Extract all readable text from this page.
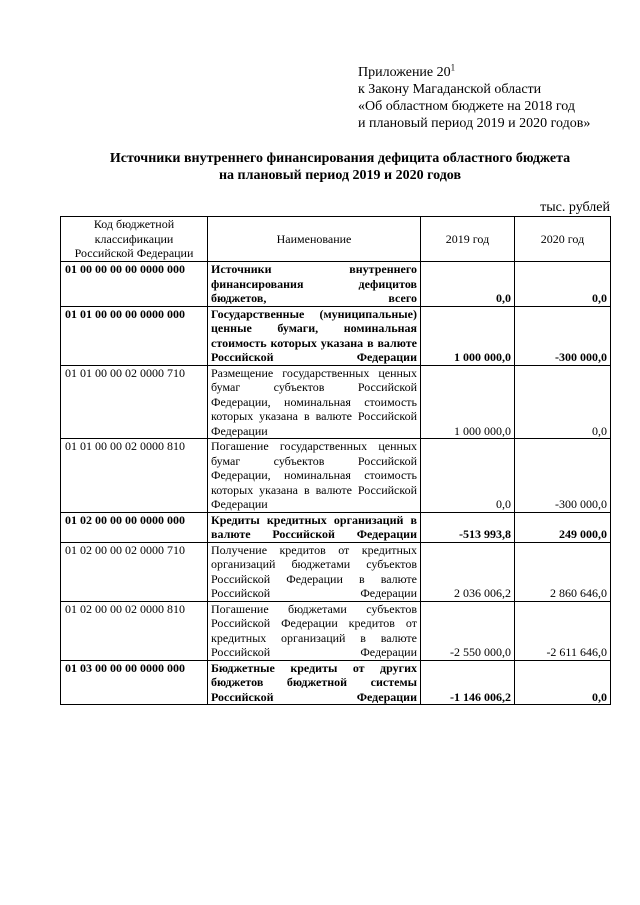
Приложение $20^1$
к Закону Магаданской области
«Об областном бюджете на 2018 год
и плановый период 2019 и 2020 годов»
Источники внутреннего финансирования дефицита областного бюджета
на плановый период 2019 и 2020 годов
тыс. рублей
Код бюджетной классификации Российской Федерации	Наименование	2019 год	2020 год
01 00 00 00 00 0000 000	Источники внутреннего финансирования дефицитов бюджетов, всего	0,0	0,0
01 01 00 00 00 0000 000	Государственные (муниципальные) ценные бумаги, номинальная стоимость которых указана в валюте Российской Федерации	1 000 000,0	-300 000,0
01 01 00 00 02 0000 710	Размещение государственных ценных бумаг субъектов Российской Федерации, номинальная стоимость которых указана в валюте Российской Федерации	1 000 000,0	0,0
01 01 00 00 02 0000 810	Погашение государственных ценных бумаг субъектов Российской Федерации, номинальная стоимость которых указана в валюте Российской Федерации	0,0	-300 000,0
01 02 00 00 00 0000 000	Кредиты кредитных организаций в валюте Российской Федерации	-513 993,8	249 000,0
01 02 00 00 02 0000 710	Получение кредитов от кредитных организаций бюджетами субъектов Российской Федерации в валюте Российской Федерации	2 036 006,2	2 860 646,0
01 02 00 00 02 0000 810	Погашение бюджетами субъектов Российской Федерации кредитов от кредитных организаций в валюте Российской Федерации	-2 550 000,0	-2 611 646,0
01 03 00 00 00 0000 000	Бюджетные кредиты от других бюджетов бюджетной системы Российской Федерации	-1 146 006,2	0,0
